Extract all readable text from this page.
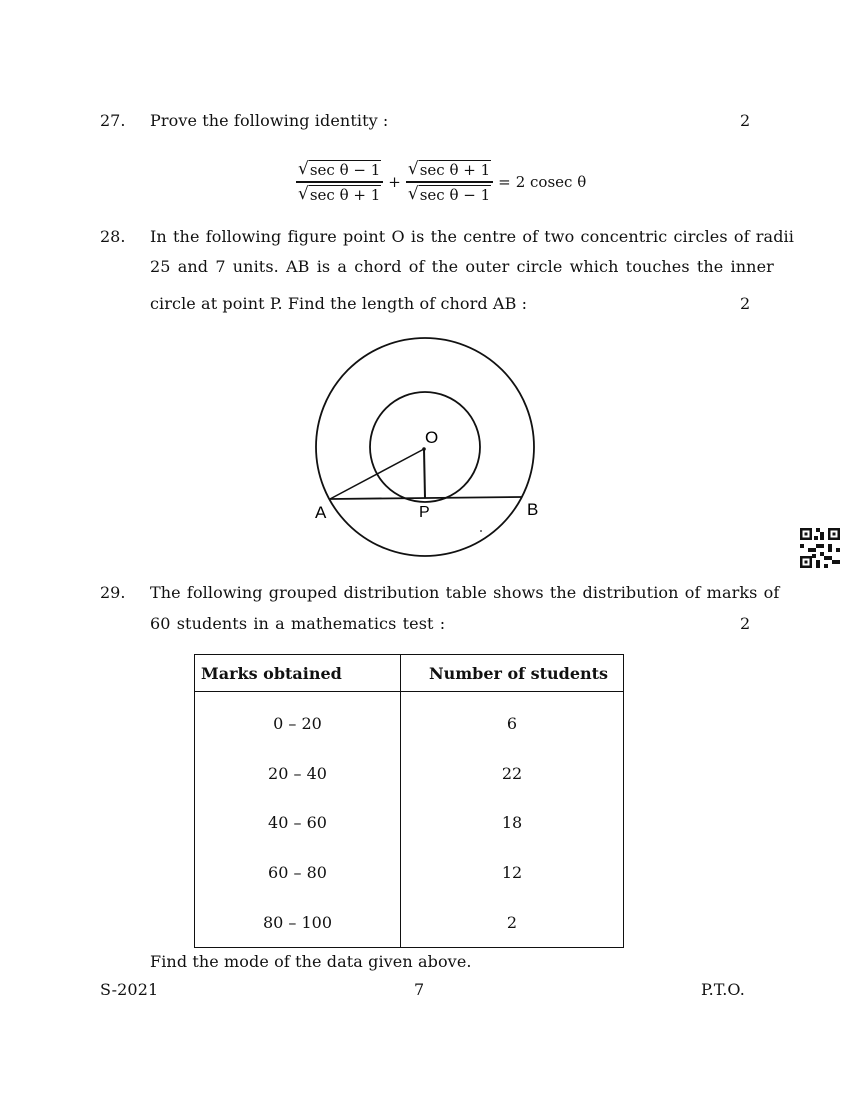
27. Prove the following identity :	2
$\frac{\text{√ sec θ − 1}}{\text{√ sec θ + 1}} + \frac{\text{√ sec θ + 1}}{\text{√ sec θ − 1}} = 2$ cosec θ
28. In the following figure point O is the centre of two concentric circles of radii
25 and 7 units. AB is a chord of the outer circle which touches the inner
circle at point P. Find the length of chord AB :	2
O
A	P	B
29. The following grouped distribution table shows the distribution of marks of
60 students in a mathematics test :	2
Marks obtained	Number of students
0 – 20	6
20 – 40	22
40 – 60	18
60 – 80	12
80 – 100	2
Find the mode of the data given above.
S-2021	7	P.T.O.
